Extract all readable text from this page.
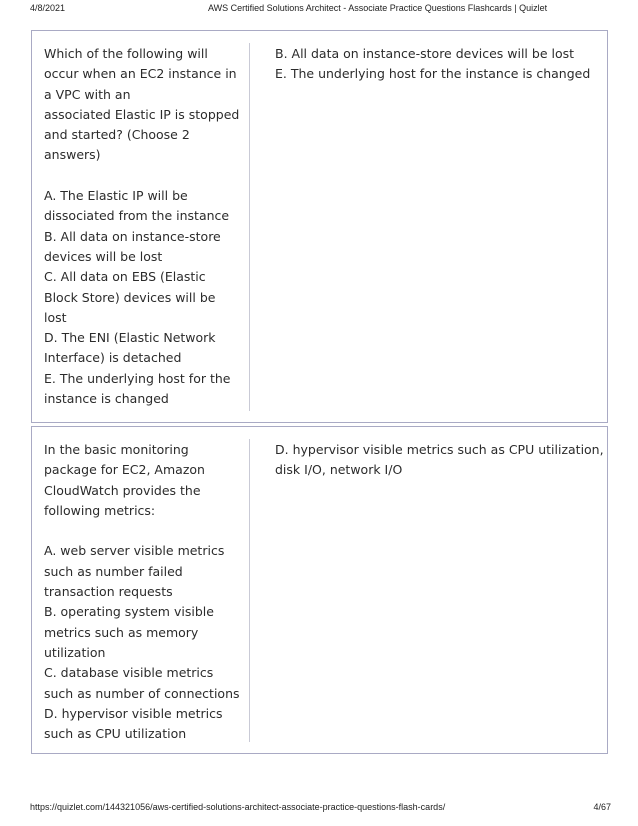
4/8/2021	AWS Certified Solutions Architect - Associate Practice Questions Flashcards | Quizlet
Which of the following will
occur when an EC2 instance in
a VPC with an
associated Elastic IP is stopped
and started? (Choose 2
answers)
A. The Elastic IP will be
dissociated from the instance
B. All data on instance-store
devices will be lost
C. All data on EBS (Elastic
Block Store) devices will be
lost
D. The ENI (Elastic Network
Interface) is detached
E. The underlying host for the
instance is changed
B. All data on instance-store devices will be lost
E. The underlying host for the instance is changed
In the basic monitoring
package for EC2, Amazon
CloudWatch provides the
following metrics:
A. web server visible metrics
such as number failed
transaction requests
B. operating system visible
metrics such as memory
utilization
C. database visible metrics
such as number of connections
D. hypervisor visible metrics
such as CPU utilization
D. hypervisor visible metrics such as CPU utilization,
disk I/O, network I/O
https://quizlet.com/144321056/aws-certified-solutions-architect-associate-practice-questions-flash-cards/	4/67
